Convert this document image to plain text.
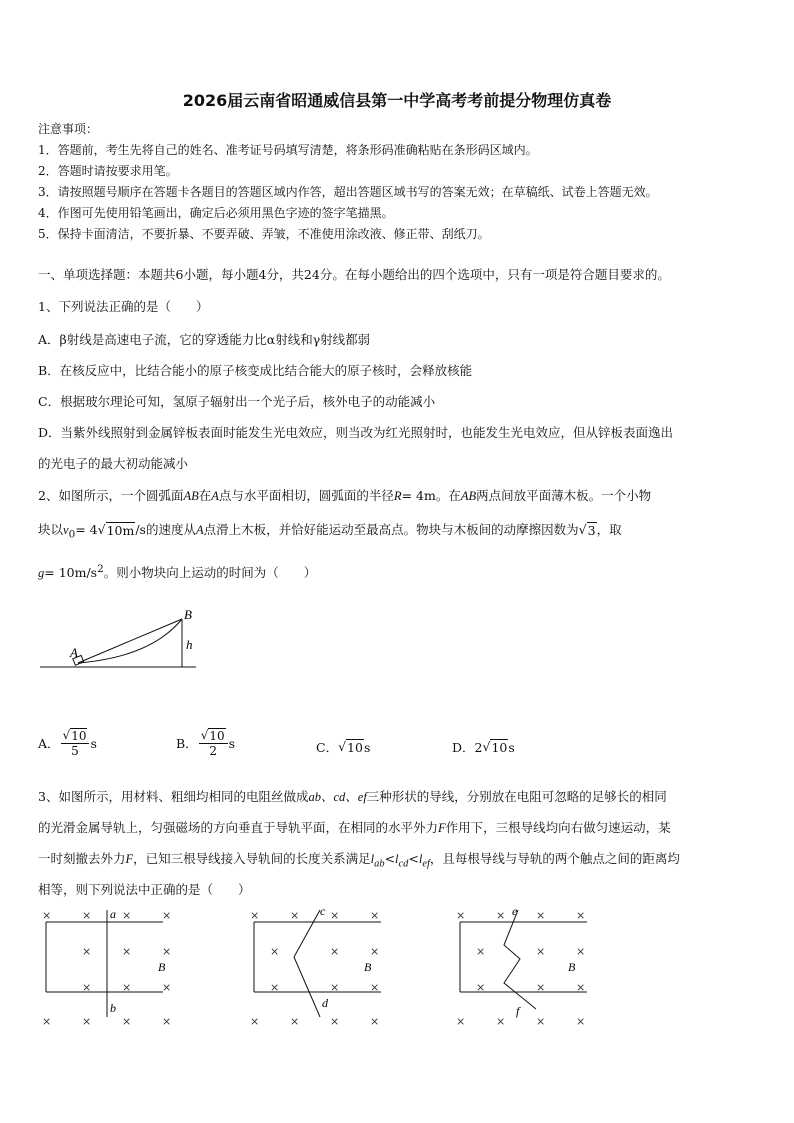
2026届云南省昭通威信县第一中学高考考前提分物理仿真卷
注意事项：
1．答题前，考生先将自己的姓名、准考证号码填写清楚，将条形码准确粘贴在条形码区域内。
2．答题时请按要求用笔。
3．请按照题号顺序在答题卡各题目的答题区域内作答，超出答题区域书写的答案无效；在草稿纸、试卷上答题无效。
4．作图可先使用铅笔画出，确定后必须用黑色字迹的签字笔描黑。
5．保持卡面清洁，不要折暴、不要弄破、弄皱，不准使用涂改液、修正带、刮纸刀。
一、单项选择题：本题共6小题，每小题4分，共24分。在每小题给出的四个选项中，只有一项是符合题目要求的。
1、下列说法正确的是（　　）
A．β射线是高速电子流，它的穿透能力比α射线和γ射线都弱
B．在核反应中，比结合能小的原子核变成比结合能大的原子核时，会释放核能
C．根据玻尔理论可知，氢原子辐射出一个光子后，核外电子的动能减小
D．当紫外线照射到金属锌板表面时能发生光电效应，则当改为红光照射时，也能发生光电效应，但从锌板表面逸出
的光电子的最大初动能减小
2、如图所示，一个圆弧面AB在A点与水平面相切，圆弧面的半径R= 4m。在AB两点间放平面薄木板。一个小物
块以$v_0= 4$ √ 10m /s的速度从A点滑上木板，并恰好能运动至最高点。物块与木板间的动摩擦因数为 √ 3 ，取
$g= 10m/s^2$。则小物块向上运动的时间为（　　）
A
B
h
A． $\frac{√ 10}{5}$ s	B． $\frac{√ 10}{2}$ s	C． √ 10 s	D． 2 √ 10 s
3、如图所示，用材料、粗细均相同的电阻丝做成ab、cd、ef三种形状的导线，分别放在电阻可忽略的足够长的相同
的光滑金属导轨上，匀强磁场的方向垂直于导轨平面，在相同的水平外力F作用下，三根导线均向右做匀速运动，某
一时刻撤去外力F，已知三根导线接入导轨间的长度关系满足$l_{ab}<l_{cd}<l_{ef}$，且每根导线与导轨的两个触点之间的距离均
相等，则下列说法中正确的是（　　）
×	×	×	×
×	×	×
×	×	×
×	×	×	×
a
b
B
×	×	×	×
×	×	×
×	×	×
×	×	×	×
c
d
B
×	×	×	×
×	×	×
×	×	×
×	×	×	×
e
f
B
